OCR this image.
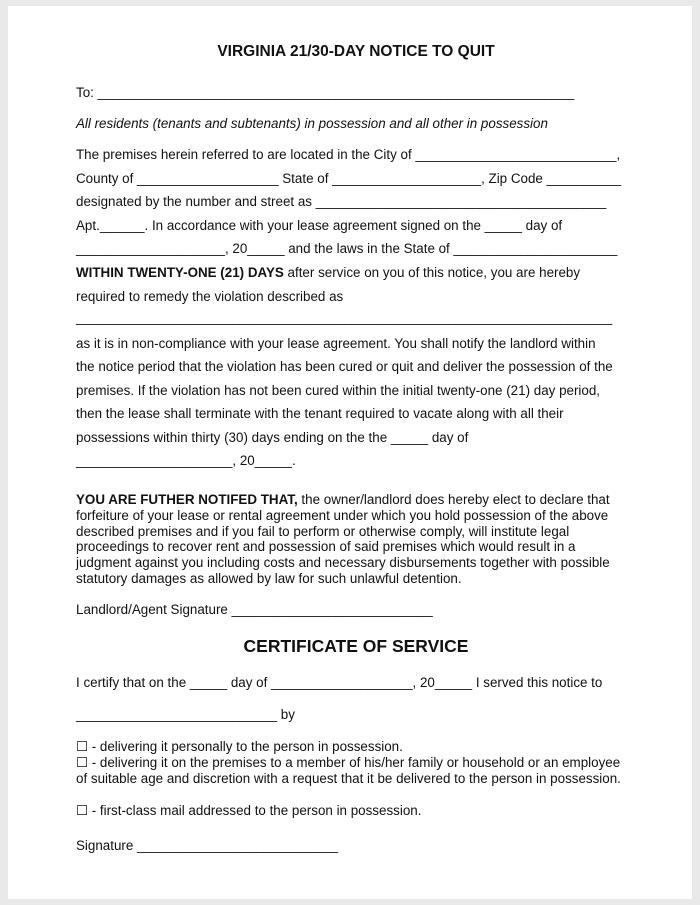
VIRGINIA 21/30-DAY NOTICE TO QUIT
To: ________________________________________________________________
All residents (tenants and subtenants) in possession and all other in possession
The premises herein referred to are located in the City of ___________________________,
County of ___________________ State of ____________________, Zip Code __________
designated by the number and street as _______________________________________
Apt.______. In accordance with your lease agreement signed on the _____ day of
____________________, 20_____ and the laws in the State of ______________________
WITHIN TWENTY-ONE (21) DAYS after service on you of this notice, you are hereby
required to remedy the violation described as
________________________________________________________________________
as it is in non-compliance with your lease agreement. You shall notify the landlord within
the notice period that the violation has been cured or quit and deliver the possession of the
premises. If the violation has not been cured within the initial twenty-one (21) day period,
then the lease shall terminate with the tenant required to vacate along with all their
possessions within thirty (30) days ending on the the _____ day of
_____________________, 20_____.
YOU ARE FUTHER NOTIFED THAT, the owner/landlord does hereby elect to declare that forfeiture of your lease or rental agreement under which you hold possession of the above described premises and if you fail to perform or otherwise comply, will institute legal proceedings to recover rent and possession of said premises which would result in a judgment against you including costs and necessary disbursements together with possible statutory damages as allowed by law for such unlawful detention.
Landlord/Agent Signature ___________________________
CERTIFICATE OF SERVICE
I certify that on the _____ day of ___________________, 20_____ I served this notice to
___________________________ by
☐ - delivering it personally to the person in possession.
☐ - delivering it on the premises to a member of his/her family or household or an employee of suitable age and discretion with a request that it be delivered to the person in possession.
☐ - first-class mail addressed to the person in possession.
Signature ___________________________
